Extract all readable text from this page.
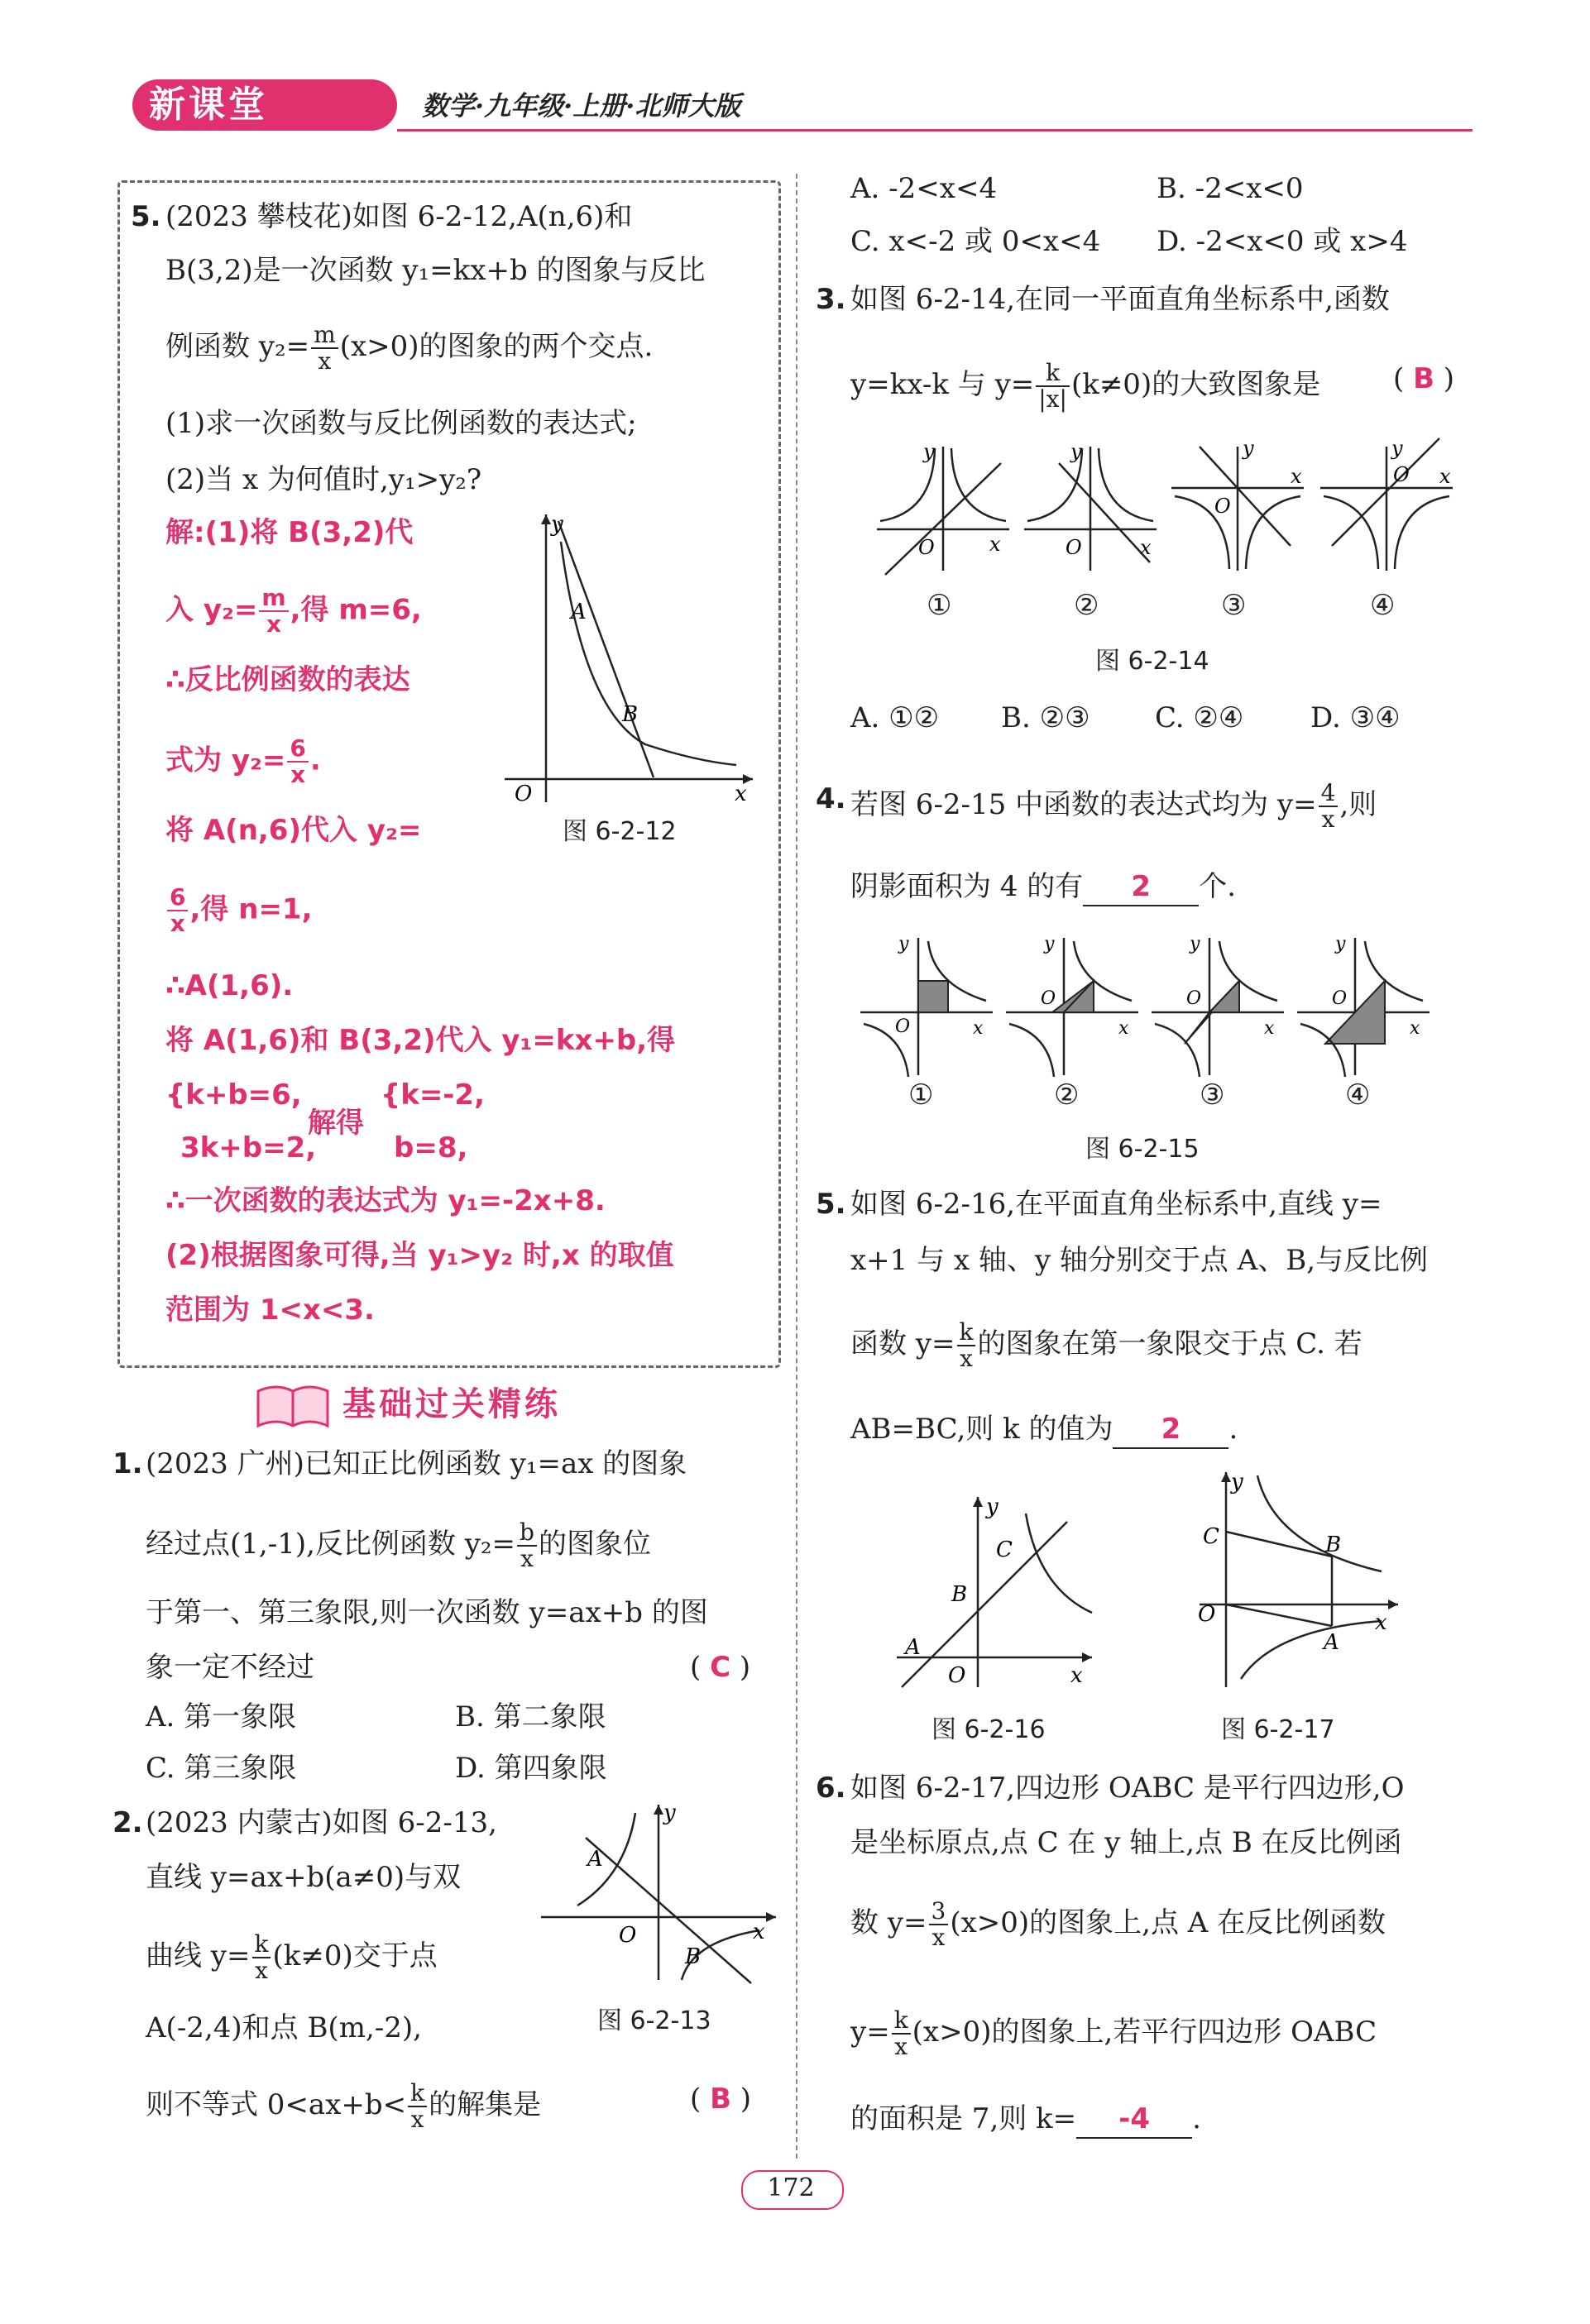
新课堂	数学·九年级·上册·北师大版
5. (2023 攀枝花)如图 6-2-12,A(n,6)和
B(3,2)是一次函数 y₁=kx+b 的图象与反比
例函数 $y_2= \frac{m}{x} (x>0)$的图象的两个交点.
(1)求一次函数与反比例函数的表达式;
(2)当 x 为何值时,y₁>y₂?
解:(1)将 B(3,2)代
入 $y_2= \frac{m}{x}$ ,得 m=6,
∴反比例函数的表达
式为 $y_2= \frac{6}{x}$ .
将 A(n,6)代入 y₂=
$\frac{6}{x}$ ,得 n=1,
∴A(1,6).
将 A(1,6)和 B(3,2)代入 y₁=kx+b,得
{k+b=6,
解得
{k=-2,
3k+b=2,	b=8,
∴一次函数的表达式为 y₁=-2x+8.
(2)根据图象可得,当 y₁>y₂ 时,x 的取值
范围为 1<x<3.
y
x
O
A
B
图 6-2-12
基础过关精练
1. (2023 广州)已知正比例函数 y₁=ax 的图象
经过点(1,-1),反比例函数 $y_2= \frac{b}{x}$ 的图象位
于第一、第三象限,则一次函数 y=ax+b 的图
象一定不经过	( C )
A. 第一象限	B. 第二象限
C. 第三象限	D. 第四象限
2. (2023 内蒙古)如图 6-2-13,
直线 y=ax+b(a≠0)与双
曲线 $y= \frac{k}{x} (k\ne 0)$交于点
A(-2,4)和点 B(m,-2),
则不等式 $0<ax+b< \frac{k}{x}$ 的解集是	( B )
y
x
O
A
B
图 6-2-13
A. -2<x<4	B. -2<x<0
C. x<-2 或 0<x<4 D. -2<x<0 或 x>4
3. 如图 6-2-14,在同一平面直角坐标系中,函数
y=kx-k 与 $y= \frac{k}{|x|} (k\ne 0)$的大致图象是	( B )
y
x
O
y
x
O
y
x
O
y
x
O
①	②	③	④
图 6-2-14
A. ①② B. ②③ C. ②④ D. ③④
4. 若图 6-2-15 中函数的表达式均为 $y= \frac{4}{x}$ ,则
阴影面积为 4 的有 2 个.
y
x
O
y
x
O
y
x
O
y
x
O
①	②	③	④
图 6-2-15
5. 如图 6-2-16,在平面直角坐标系中,直线 y=
x+1 与 x 轴、y 轴分别交于点 A、B,与反比例
函数 $y= \frac{k}{x}$ 的图象在第一象限交于点 C. 若
AB=BC,则 k 的值为 2 .
y
x
O
A
B
C
图 6-2-16
y
x
O
C	B
A
图 6-2-17
6. 如图 6-2-17,四边形 OABC 是平行四边形,O
是坐标原点,点 C 在 y 轴上,点 B 在反比例函
数 $y= \frac{3}{x} (x>0)$的图象上,点 A 在反比例函数
$y= \frac{k}{x} (x>0)$的图象上,若平行四边形 OABC
的面积是 7,则 k= -4 .
172
